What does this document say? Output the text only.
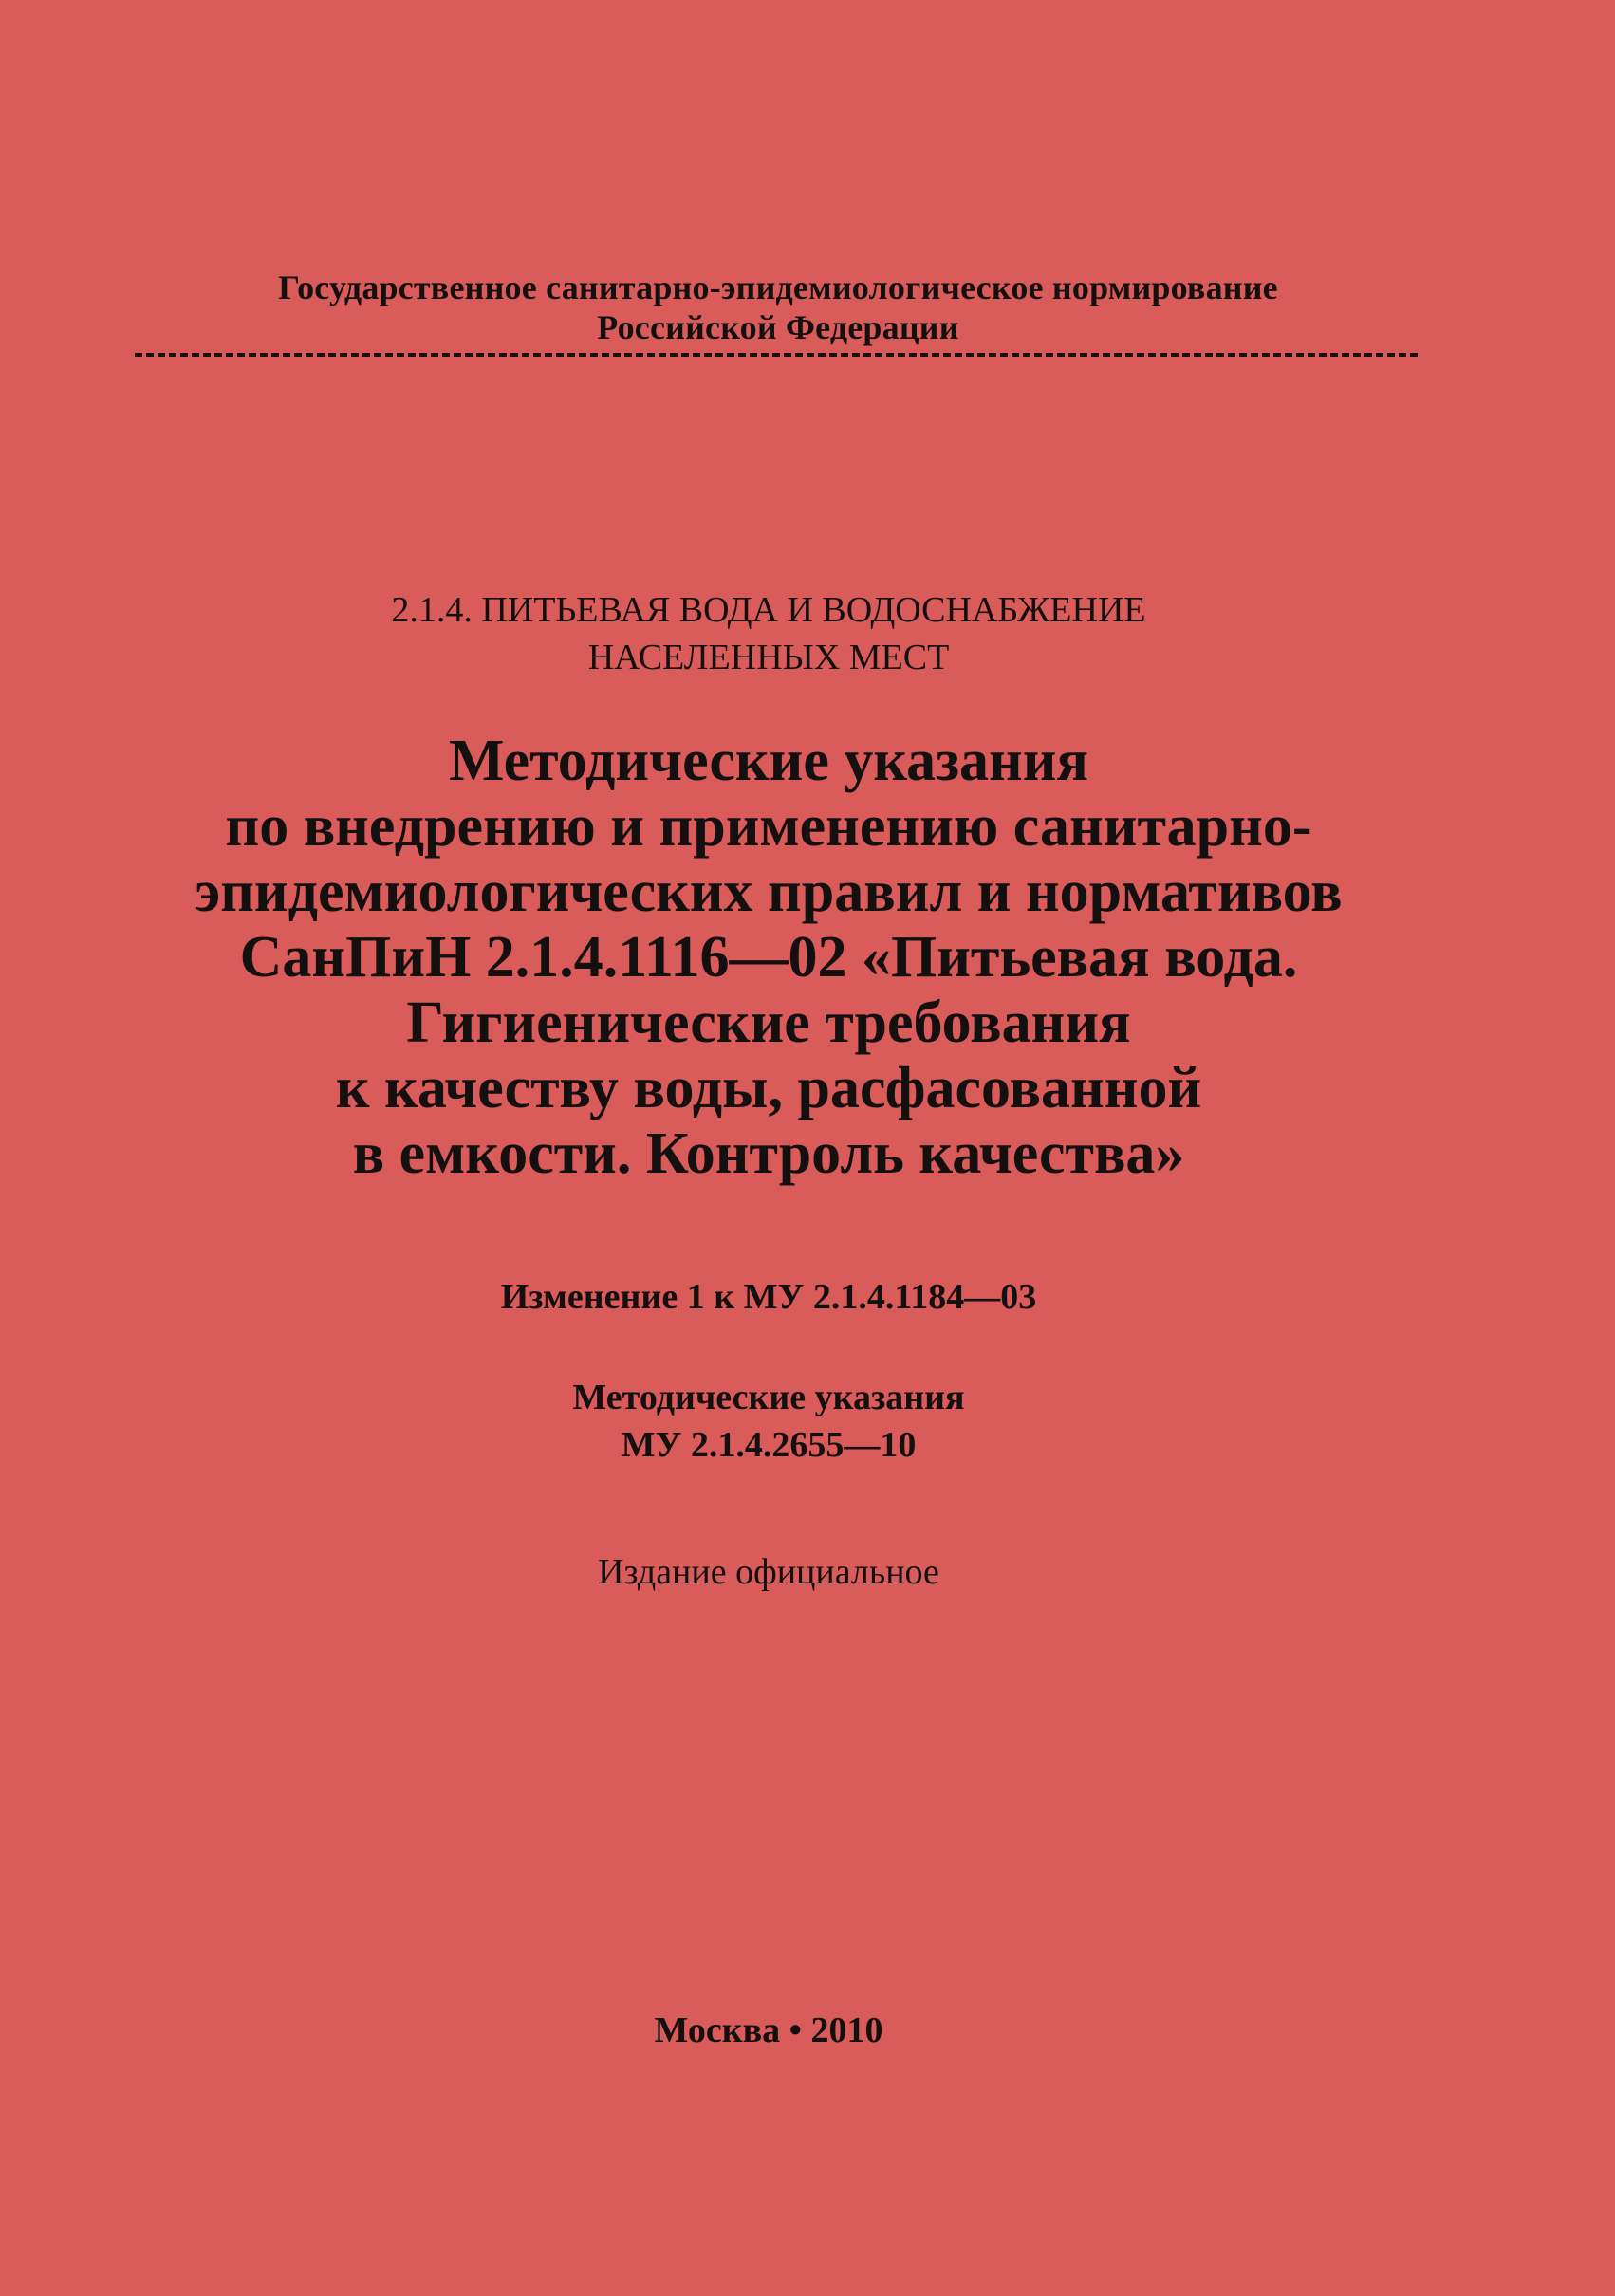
Государственное санитарно-эпидемиологическое нормирование
Российской Федерации
2.1.4. ПИТЬЕВАЯ ВОДА И ВОДОСНАБЖЕНИЕ
НАСЕЛЕННЫХ МЕСТ
Методические указания
по внедрению и применению санитарно-
эпидемиологических правил и нормативов
СанПиН 2.1.4.1116—02 «Питьевая вода.
Гигиенические требования
к качеству воды, расфасованной
в емкости. Контроль качества»
Изменение 1 к МУ 2.1.4.1184—03
Методические указания
МУ 2.1.4.2655—10
Издание официальное
Москва • 2010
